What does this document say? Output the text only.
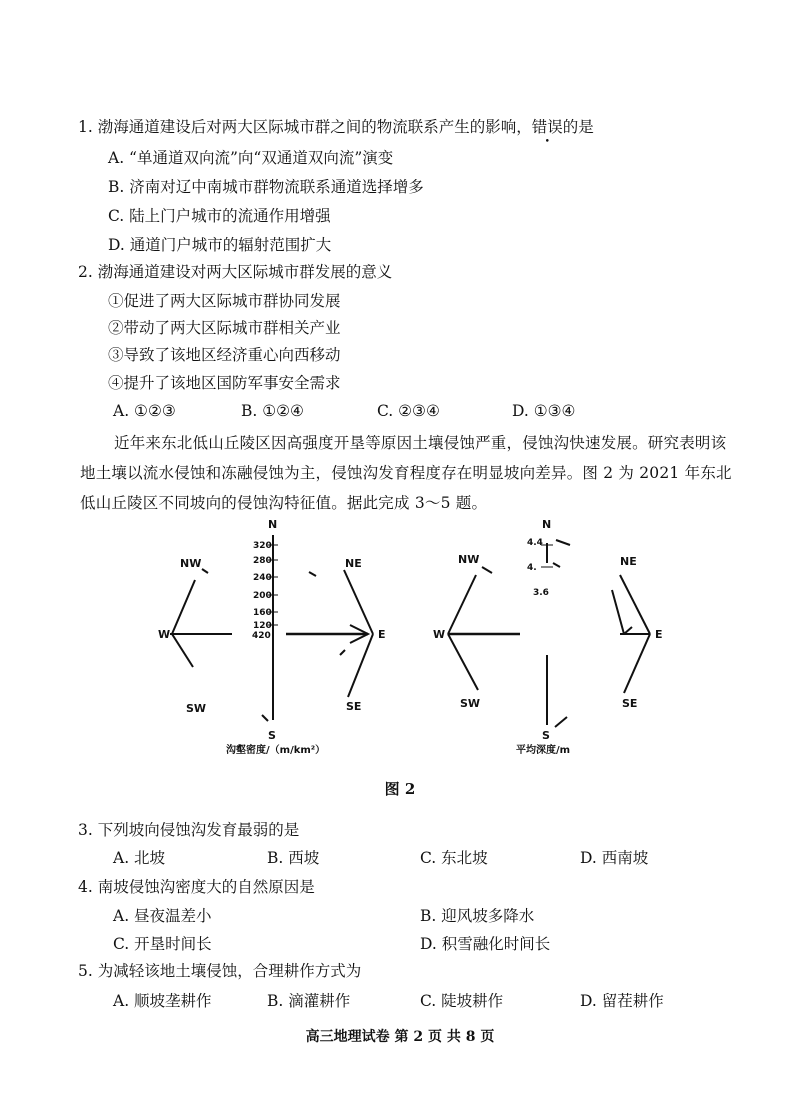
1. 渤海通道建设后对两大区际城市群之间的物流联系产生的影响，错误的是
A. “单通道双向流”向“双通道双向流”演变
B. 济南对辽中南城市群物流联系通道选择增多
C. 陆上门户城市的流通作用增强
D. 通道门户城市的辐射范围扩大
2. 渤海通道建设对两大区际城市群发展的意义
①促进了两大区际城市群协同发展
②带动了两大区际城市群相关产业
③导致了该地区经济重心向西移动
④提升了该地区国防军事安全需求
A. ①②③	B. ①②④	C. ②③④	D. ①③④
近年来东北低山丘陵区因高强度开垦等原因土壤侵蚀严重，侵蚀沟快速发展。研究表明该地土壤以流水侵蚀和冻融侵蚀为主，侵蚀沟发育程度存在明显坡向差异。图 2 为 2021 年东北低山丘陵区不同坡向的侵蚀沟特征值。据此完成 3～5 题。
N
NE
E
SE
S
SW
W
NW
320
280
240
200
160
120
420
沟壑密度/（m/km²）
N
NE
E
SE
S
SW
W
NW
4.4
4.
3.6
平均深度/m
图 2
3. 下列坡向侵蚀沟发育最弱的是
A. 北坡	B. 西坡	C. 东北坡	D. 西南坡
4. 南坡侵蚀沟密度大的自然原因是
A. 昼夜温差小	B. 迎风坡多降水
C. 开垦时间长	D. 积雪融化时间长
5. 为减轻该地土壤侵蚀，合理耕作方式为
A. 顺坡垄耕作	B. 滴灌耕作	C. 陡坡耕作	D. 留茬耕作
高三地理试卷 第 2 页 共 8 页
